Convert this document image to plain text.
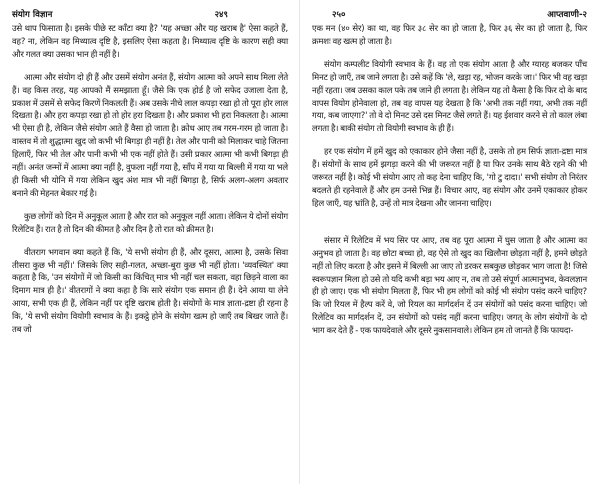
संयोग विज्ञान	२४९

उसे थाप फिसाता है। इसके पीछे स्ट काँटा क्या है? 'यह अच्छा और यह खराब है' ऐसा कहते हैं, वह? ना, लेकिन वह मिथ्यात्व दृष्टि है, इसलिए ऐसा कहता है। मिथ्यात्व दृष्टि के कारण सही क्या और गलत क्या उसका भान ही नहीं है।

आत्मा और संयोग दो ही हैं और उसमें संयोग अनंत हैं, संयोग आत्मा को अपने साथ मिला लेते हैं। वह किस तरह, यह आपको मैं समझाता हूँ। जैसे कि एक होर्ड है जो सफेद उजाला देता है, प्रकाश में उसमें से सफेद किरणें निकलती हैं। अब उसके नीचे लाल कपड़ा रखा हो तो पूरा होर लाल दिखता है। और हरा कपड़ा रखा हो तो होर हरा दिखता है। और प्रकाश भी हरा निकलता है। आत्मा भी ऐसा ही है, लेकिन जैसे संयोग आते हैं वैसा हो जाता है। क्रोध आए तब गरम-गरम हो जाता है। वास्तव में तो शुद्धात्मा खुद जो कभी भी बिगड़ा ही नहीं है। तेल और पानी को मिलाकर चाहे जितना हिलाएँ, फिर भी तेल और पानी कभी भी एक नहीं होते हैं। उसी प्रकार आत्मा भी कभी बिगड़ा ही नहीं। अनंत जन्मों में आत्मा क्या नहीं है, वुफला नहीं गया है, साँप में गया या बिल्ली में गया या भले ही किसी भी योनि में गया लेकिन खुद अंश मात्र भी नहीं बिगड़ा है, सिर्फ अलग-अलग अवतार बनाने की मेहनत बेकार गई है।

कुछ लोगों को दिन में अनुकूल आता है और रात को अनुकूल नहीं आता। लेकिन ये दोनों संयोग रिलेटिव हैं। रात है तो दिन की कीमत है और दिन है तो रात को क्रीमत है।

वीतराग भगवान क्या कहते हैं कि, 'ये सभी संयोग ही हैं, और दूसरा, आत्मा है, उसके सिवा तीसरा कुछ भी नहीं।' जिसके लिए सही-गलत, अच्छा-बुरा कुछ भी नहीं होता। 'व्यवस्थित' क्या कहता है कि, 'उन संयोगों में जो किसी का किंचित् मात्र भी नहीं चल सकता, वहा छिड़ने वाला का दिमाग मात्र ही है।' वीतरागों ने क्या कहा है कि सारे संयोग एक समान ही हैं। देने आया या लेने आया, सभी एक ही हैं, लेकिन नहीं पर दृष्टि खराब होती है। संयोगों के मात्र ज्ञाता-द्रष्टा ही रहना है कि, 'ये सभी संयोग वियोगी स्वभाव के हैं। इकट्ठे होने के संयोग खत्म हो जाएँ तब बिखर जाते हैं। तब जो

२५०	आप्तवाणी-२

एक मन (४० सेर) का था, वह फिर ३८ सेर का हो जाता है, फिर ३६ सेर का हो जाता है, फिर क्रमशः वह खत्म हो जाता है।

संयोग कम्पलीट वियोगी स्वभाव के हैं। वह तो एक संयोग आता है और ग्यारह बजकर पाँच मिनट हो जाएँ, तब जाने लगता है। उसे कहें कि 'ले, खड़ा रह, भोजन करके जा।' फिर भी वह खड़ा नहीं रहता। जब उसका काल पके तब जाने ही लगता है। लेकिन यह तो कैसा है कि फिर दो के बाद वापस वियोग होनेवाला हो, तब वह वापस यह देखता है कि 'अभी तक नहीं गया, अभी तक नहीं गया, कब जाएगा?' तो वे दो मिनट उसे दस मिनट जैसे लगते हैं। यह ईशवार करने से तो काल लंबा लगता है। बाकी संयोग तो वियोगी स्वभाव के ही हैं।

हर एक संयोग में हमें खुद को एकाकार होने जैसा नहीं है, उसके तो हम सिर्फ ज्ञाता-द्रष्टा मात्र हैं। संयोगों के साथ हमें झगड़ा करने की भी जरूरत नहीं है या फिर उनके साथ बैठे रहने की भी जरूरत नहीं है। कोई भी संयोग आए तो कह देना चाहिए कि, 'गो टु दादा।' सभी संयोग तो निरंतर बदलते ही रहनेवाले हैं और हम उनसे भिन्न हैं। विचार आए, वह संयोग और उनमें एकाकार होकर हिल जाएँ, यह भ्रांति है, उन्हें तो मात्र देखना और जानना चाहिए।

संसार में रिलेटिव में भय सिर पर आए, तब वह पूरा आत्मा में घुस जाता है और आत्मा का अनुभव हो जाता है। वह छोटा बच्चा हो, वह ऐसे तो खुद का खिलौना छोड़ता नहीं है, हमने छोड़ते नहीं तो लिए करता है और इसने में बिल्ली आ जाए तो डरकर सबकुछ छोड़कर भाग जाता है! जिसे स्वरूपज्ञान मिला हो उसे तो यदि कभी बड़ा भय आए न, तब तो उसे संपूर्ण आत्मानुभव, केवलज्ञान ही हो जाए। एक भी संयोग मिलता हैं, फिर भी हम लोगों को कोई भी संयोग पसंद करने चाहिए? कि जो रियल में हैल्प करें वे, जो रियल का मार्गदर्शन दें उन संयोगों को पसंद करना चाहिए। जो रिलेटिव का मार्गदर्शन दें, उन संयोगों को पसंद नहीं करना चाहिए। जगत् के लोग संयोगों के दो भाग कर देते हैं - एक फायदेवाले और दूसरे नुकसानवाले। लेकिन हम तो जानते हैं कि फायदा-
